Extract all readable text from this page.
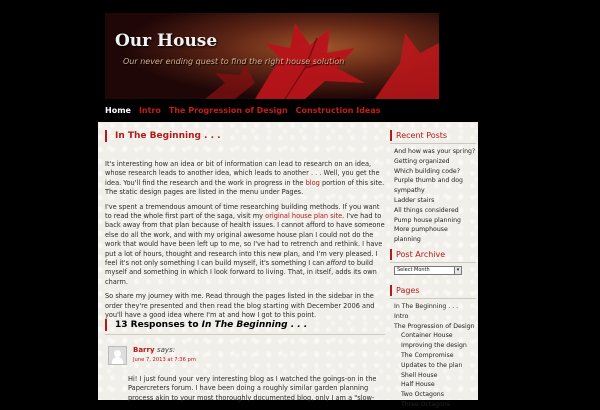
Our House
Our never ending quest to find the right house solution
Home Intro The Progression of Design Construction Ideas
In The Beginning . . .

It's interesting how an idea or bit of information can lead to research on an idea, whose research leads to another idea, which leads to another . . . Well, you get the idea. You'll find the research and the work in progress in the blog portion of this site. The static design pages are listed in the menu under Pages.

I've spent a tremendous amount of time researching building methods. If you want to read the whole first part of the saga, visit my original house plan site. I've had to back away from that plan because of health issues. I cannot afford to have someone else do all the work, and with my original awesome house plan I could not do the work that would have been left up to me, so I've had to retrench and rethink. I have put a lot of hours, thought and research into this new plan, and I'm very pleased. I feel it's not only something I can build myself, it's something I can afford to build myself and something in which I look forward to living. That, in itself, adds its own charm.

So share my journey with me. Read through the pages listed in the sidebar in the order they're presented and then read the blog starting with December 2006 and you'll have a good idea where I'm at and how I got to this point.

13 Responses to In The Beginning . . .
Barry says:
June 7, 2013 at 7:36 pm
Hi! I just found your very interesting blog as I watched the goings-on in the Papercreters forum. I have been doing a roughly similar garden planning process akin to your most thoroughly documented blog, only I am a "slow-
Recent Posts
And how was your spring?
Getting organized
Which building code?
Purple thumb and dog sympathy
Ladder stairs
All things considered
Pump house planning
More pumphouse planning
Post Archive
Select Month	▾
Pages
In The Beginning . . .
Intro
The Progression of Design
Container House
Improving the design
The Compromise
Updates to the plan
Shell House
Half House
Two Octagons
Three Octagons
